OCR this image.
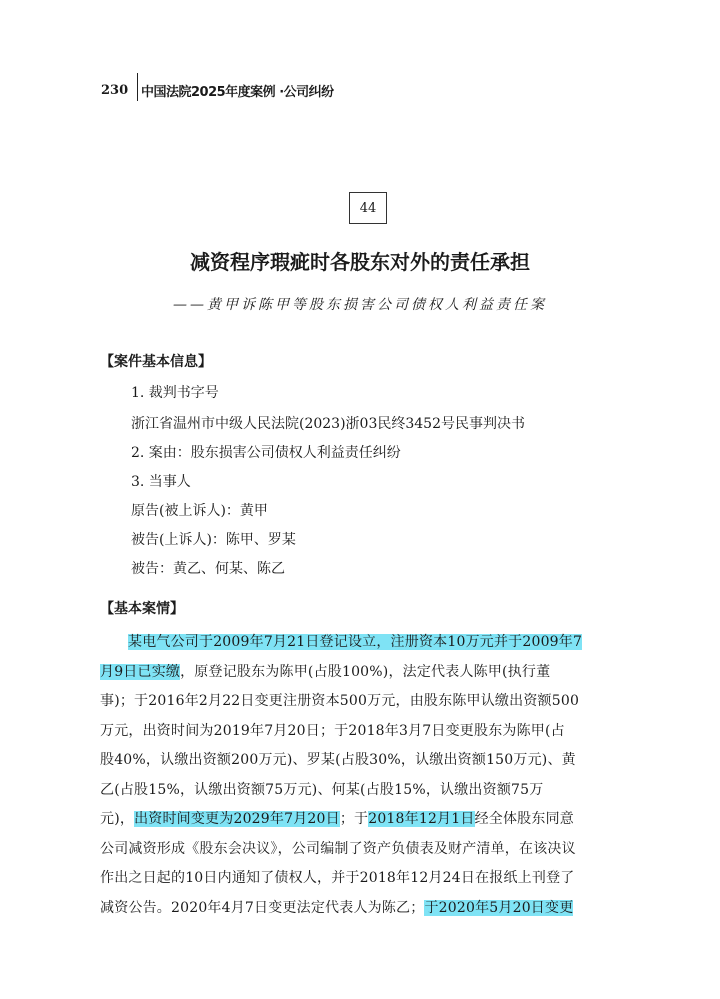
230 中国法院2025年度案例 ·公司纠纷
44
减资程序瑕疵时各股东对外的责任承担
——黄甲诉陈甲等股东损害公司债权人利益责任案
【案件基本信息】
1. 裁判书字号
浙江省温州市中级人民法院(2023)浙03民终3452号民事判决书
2. 案由：股东损害公司债权人利益责任纠纷
3. 当事人
原告(被上诉人)：黄甲
被告(上诉人)：陈甲、罗某
被告：黄乙、何某、陈乙
【基本案情】
某电气公司于2009年7月21日登记设立，注册资本10万元并于2009年7
月9日已实缴，原登记股东为陈甲(占股100%)，法定代表人陈甲(执行董
事)；于2016年2月22日变更注册资本500万元，由股东陈甲认缴出资额500
万元，出资时间为2019年7月20日；于2018年3月7日变更股东为陈甲(占
股40%，认缴出资额200万元)、罗某(占股30%，认缴出资额150万元)、黄
乙(占股15%，认缴出资额75万元)、何某(占股15%，认缴出资额75万
元)，出资时间变更为2029年7月20日；于2018年12月1日经全体股东同意
公司减资形成《股东会决议》，公司编制了资产负债表及财产清单，在该决议
作出之日起的10日内通知了债权人，并于2018年12月24日在报纸上刊登了
减资公告。2020年4月7日变更法定代表人为陈乙；于2020年5月20日变更
